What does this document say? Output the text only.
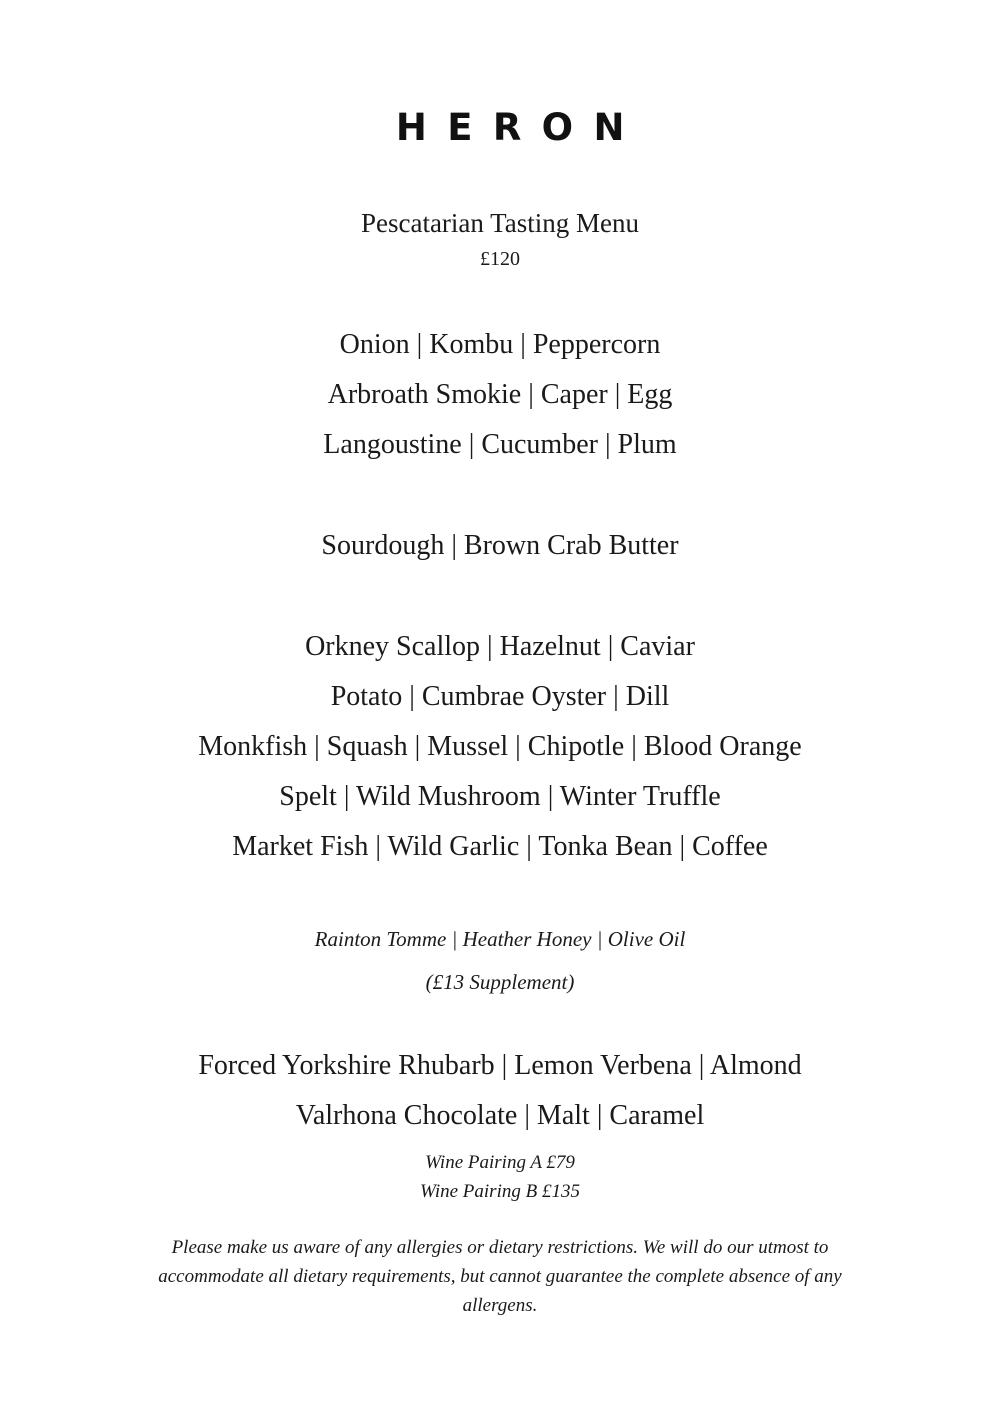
HERON
Pescatarian Tasting Menu
£120
Onion | Kombu | Peppercorn
Arbroath Smokie | Caper | Egg
Langoustine | Cucumber | Plum
Sourdough | Brown Crab Butter
Orkney Scallop | Hazelnut | Caviar
Potato | Cumbrae Oyster | Dill
Monkfish | Squash | Mussel | Chipotle | Blood Orange
Spelt | Wild Mushroom | Winter Truffle
Market Fish | Wild Garlic | Tonka Bean | Coffee
Rainton Tomme | Heather Honey | Olive Oil
(£13 Supplement)
Forced Yorkshire Rhubarb | Lemon Verbena | Almond
Valrhona Chocolate | Malt | Caramel
Wine Pairing A £79
Wine Pairing B £135
Please make us aware of any allergies or dietary restrictions. We will do our utmost to accommodate all dietary requirements, but cannot guarantee the complete absence of any allergens.
